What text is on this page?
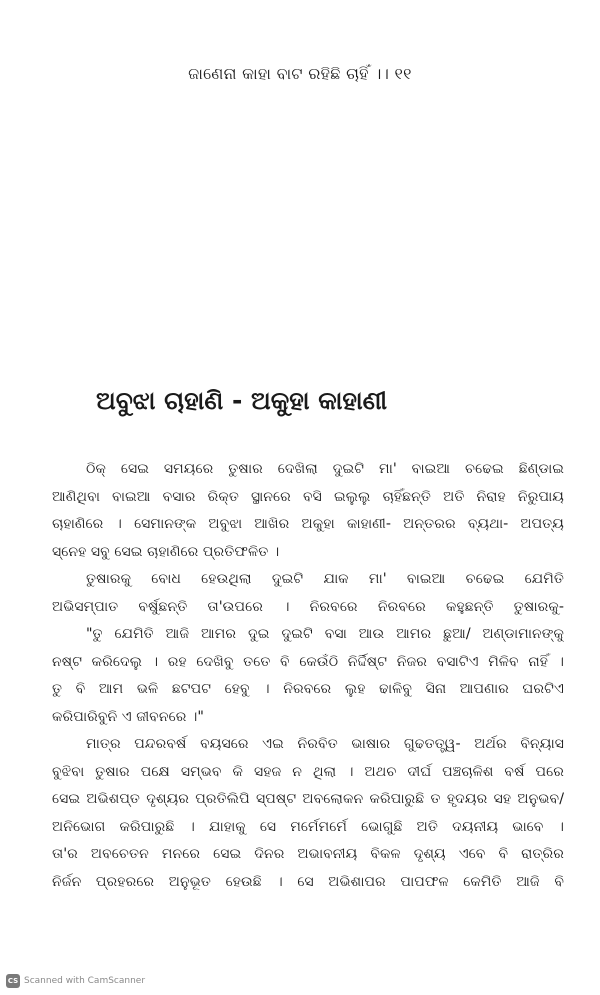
ଜାଣେନା କାହା ବାଟ ରହିଛି ଚାହିଁ ।। ୧୧
ଅବୁଝା ଚାହାଣି - ଅକୁହା କାହାଣୀ
ଠିକ୍ ସେଇ ସମୟରେ ତୁଷାର ଦେଖିଲା ଦୁଇଟି ମା' ବାଇଆ ଚଢେଇ ଛିଣ୍ଡାଇ
ଆଣିଥିବା ବାଇଆ ବସାର ରିକ୍ତ ସ୍ଥାନରେ ବସି ଇଲୁଲୁ ଚାହିଁଛନ୍ତି ଅତି ନିରାହ ନିରୁପାୟ
ଚାହାଣିରେ । ସେମାନଙ୍କ ଅବୁଝା ଆଖିର ଅକୁହା କାହାଣୀ- ଅନ୍ତରର ବ୍ୟଥା- ଅପତ୍ୟ
ସ୍ନେହ ସବୁ ସେଇ ଚାହାଣିରେ ପ୍ରତିଫଳିତ ।
ତୁଷାରକୁ ବୋଧ ହେଉଥିଲା ଦୁଇଟି ଯାକ ମା' ବାଇଆ ଚଢେଇ ଯେମିତି
ଅଭିସମ୍ପାତ ବର୍ଷୁଛନ୍ତି ତା'ଉପରେ । ନିରବରେ ନିରବରେ କହୁଛନ୍ତି ତୁଷାରକୁ-
"ତୁ ଯେମିତି ଆଜି ଆମର ଦୁଇ ଦୁଇଟି ବସା ଆଉ ଆମର ଛୁଆ/ ଅଣ୍ଡାମାନଙ୍କୁ
ନଷ୍ଟ କରିଦେଲୁ । ରହ ଦେଖିବୁ ତତେ ବି କେଉଁଠି ନିର୍ଦ୍ଦିଷ୍ଟ ନିଜର ବସାଟିଏ ମିଳିବ ନାହିଁ ।
ତୁ ବି ଆମ ଭଳି ଛଟପଟ ହେବୁ । ନିରବରେ ଲୁହ ଢାଳିବୁ ସିନା ଆପଣାର ଘରଟିଏ
କରିପାରିବୁନି ଏ ଜୀବନରେ ।"
ମାତ୍ର ପନ୍ଦରବର୍ଷ ବୟସରେ ଏଇ ନିରବିତ ଭାଷାର ଗୁଢତତ୍ତ୍ୱ- ଅର୍ଥର ବିନ୍ୟାସ
ବୁଝିବା ତୁଷାର ପକ୍ଷେ ସମ୍ଭବ କି ସହଜ ନ ଥିଲା । ଅଥଚ ଦୀର୍ଘ ପଞ୍ଚଚାଳିଶ ବର୍ଷ ପରେ
ସେଇ ଅଭିଶପ୍ତ ଦୃଶ୍ୟର ପ୍ରତିଲିପି ସ୍ପଷ୍ଟ ଅବଲୋକନ କରିପାରୁଛି ତ ହୃଦୟର ସହ ଅନୁଭବ/
ଅନିଭୋଗ କରିପାରୁଛି । ଯାହାକୁ ସେ ମର୍ମେମର୍ମେ ଭୋଗୁଛି ଅତି ଦୟନୀୟ ଭାବେ ।
ତା'ର ଅବଚେତନ ମନରେ ସେଇ ଦିନର ଅଭାବନୀୟ ବିକଳ ଦୃଶ୍ୟ ଏବେ ବି ରାତ୍ରିର
ନିର୍ଜନ ପ୍ରହରରେ ଅନୁଭୂତ ହେଉଛି । ସେ ଅଭିଶାପର ପାପଫଳ କେମିତି ଆଜି ବି
CS Scanned with CamScanner
